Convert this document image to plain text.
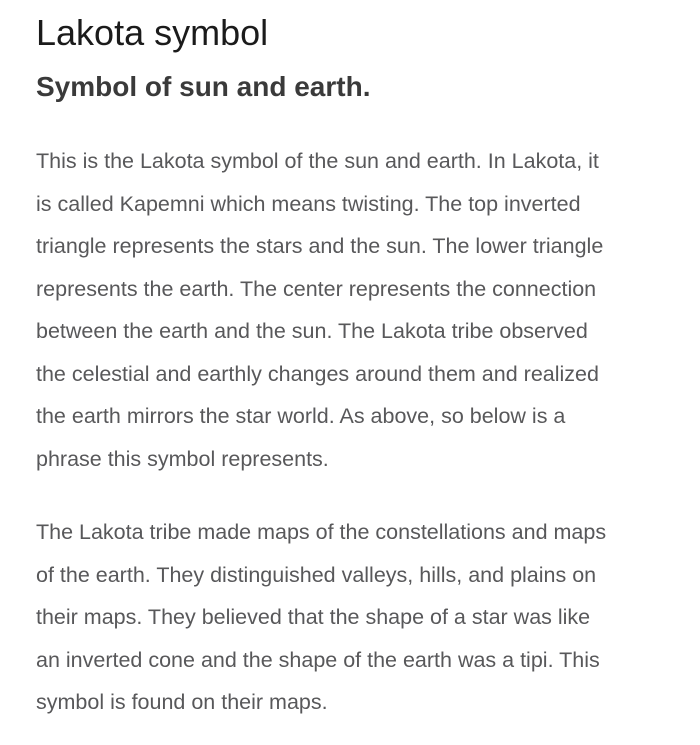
Lakota symbol
Symbol of sun and earth.
This is the Lakota symbol of the sun and earth. In Lakota, it
is called Kapemni which means twisting. The top inverted
triangle represents the stars and the sun. The lower triangle
represents the earth. The center represents the connection
between the earth and the sun. The Lakota tribe observed
the celestial and earthly changes around them and realized
the earth mirrors the star world. As above, so below is a
phrase this symbol represents.
The Lakota tribe made maps of the constellations and maps
of the earth. They distinguished valleys, hills, and plains on
their maps. They believed that the shape of a star was like
an inverted cone and the shape of the earth was a tipi. This
symbol is found on their maps.
